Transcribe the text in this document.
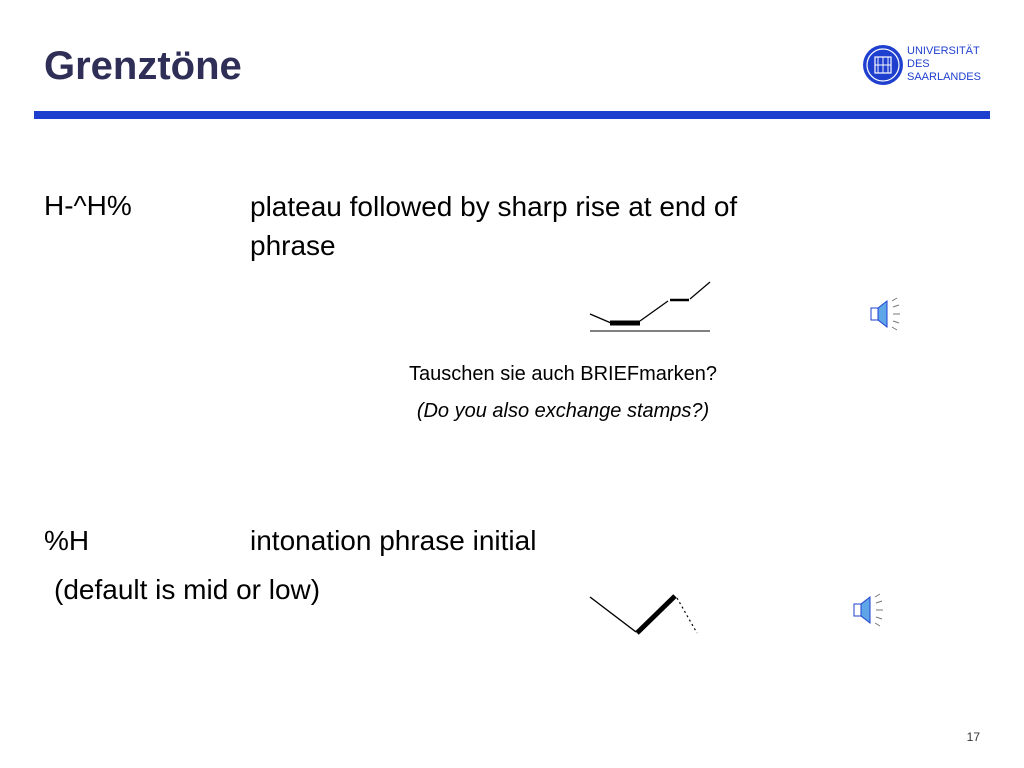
Grenztöne	UNIVERSITÄT
DES
SAARLANDES
H-^H%	plateau followed by sharp rise at end of
phrase
Tauschen sie auch BRIEFmarken?
(Do you also exchange stamps?)
%H	intonation phrase initial
(default is mid or low)
17
